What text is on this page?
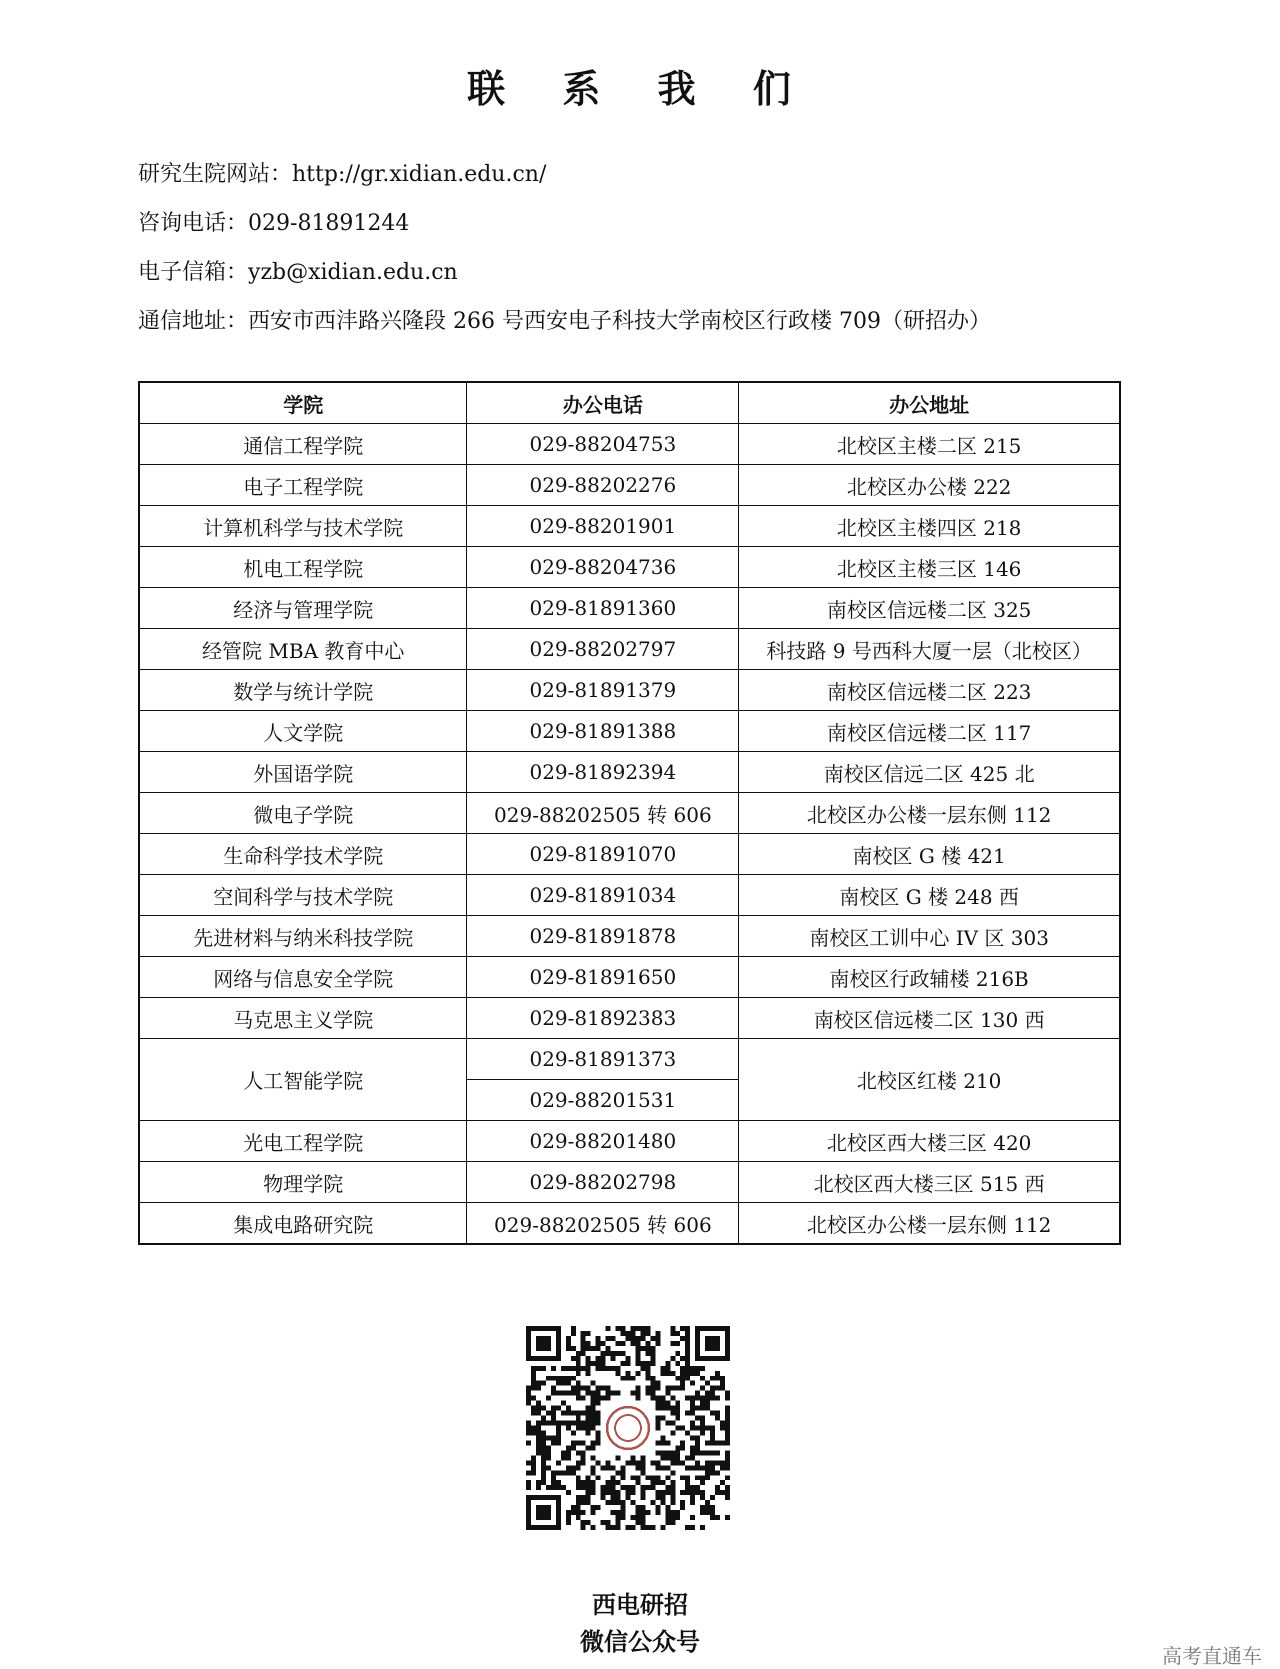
联 系 我 们
研究生院网站：http://gr.xidian.edu.cn/
咨询电话：029-81891244
电子信箱：yzb@xidian.edu.cn
通信地址：西安市西沣路兴隆段 266 号西安电子科技大学南校区行政楼 709（研招办）
学院	办公电话	办公地址
通信工程学院	029-88204753	北校区主楼二区 215
电子工程学院	029-88202276	北校区办公楼 222
计算机科学与技术学院	029-88201901	北校区主楼四区 218
机电工程学院	029-88204736	北校区主楼三区 146
经济与管理学院	029-81891360	南校区信远楼二区 325
经管院 MBA 教育中心	029-88202797	科技路 9 号西科大厦一层（北校区）
数学与统计学院	029-81891379	南校区信远楼二区 223
人文学院	029-81891388	南校区信远楼二区 117
外国语学院	029-81892394	南校区信远二区 425 北
微电子学院	029-88202505 转 606	北校区办公楼一层东侧 112
生命科学技术学院	029-81891070	南校区 G 楼 421
空间科学与技术学院	029-81891034	南校区 G 楼 248 西
先进材料与纳米科技学院	029-81891878	南校区工训中心 IV 区 303
网络与信息安全学院	029-81891650	南校区行政辅楼 216B
马克思主义学院	029-81892383	南校区信远楼二区 130 西
人工智能学院	029-81891373	北校区红楼 210
	029-88201531	
光电工程学院	029-88201480	北校区西大楼三区 420
物理学院	029-88202798	北校区西大楼三区 515 西
集成电路研究院	029-88202505 转 606	北校区办公楼一层东侧 112
西电研招
微信公众号	高考直通车
